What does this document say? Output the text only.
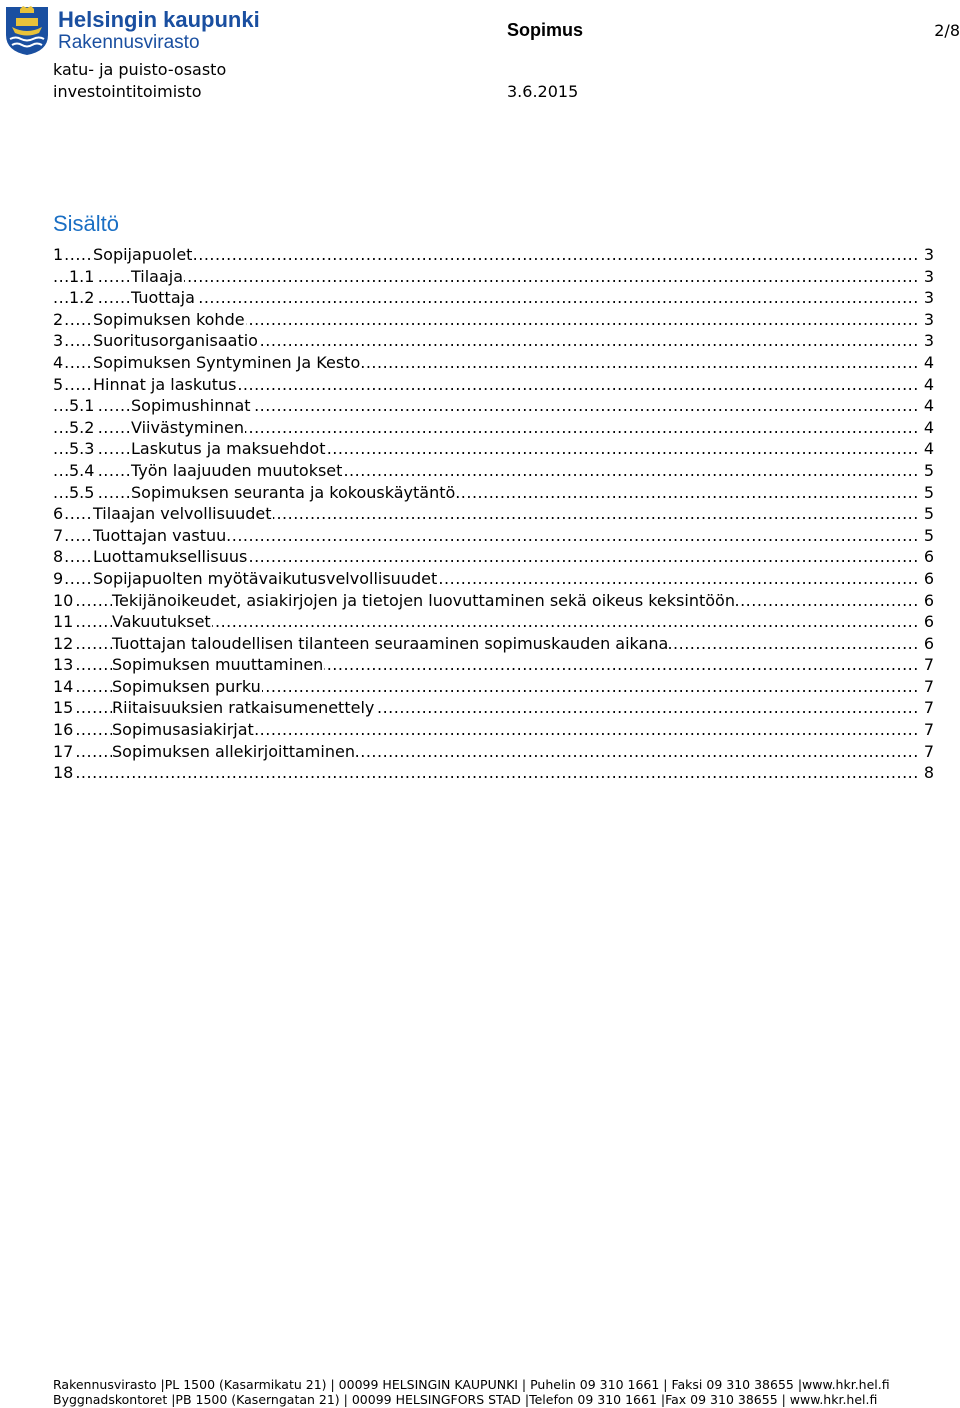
Helsingin kaupunki
Rakennusvirasto
katu- ja puisto-osasto
investointitoimisto
Sopimus	2/8
3.6.2015
Sisältö
1 Sopijapuolet	3
.....
1.1 Tilaaja	3
.....
1.2 Tuottaja	3
.....
2 Sopimuksen kohde	3
.....
3 Suoritusorganisaatio	3
.....
4 Sopimuksen Syntyminen Ja Kesto	4
.....
5 Hinnat ja laskutus	4
.....
5.1 Sopimushinnat	4
.....
5.2 Viivästyminen	4
.....
5.3 Laskutus ja maksuehdot	4
.....
5.4 Työn laajuuden muutokset	5
.....
5.5 Sopimuksen seuranta ja kokouskäytäntö	5
.....
6 Tilaajan velvollisuudet	5
.....
7 Tuottajan vastuu	5
.....
8 Luottamuksellisuus	6
.....
9 Sopijapuolten myötävaikutusvelvollisuudet	6
.....
10 Tekijänoikeudet, asiakirjojen ja tietojen luovuttaminen sekä oikeus keksintöön	6
.....
11 Vakuutukset	6
.....
12 Tuottajan taloudellisen tilanteen seuraaminen sopimuskauden aikana	6
.....
13 Sopimuksen muuttaminen	7
.....
14 Sopimuksen purku	7
.....
15 Riitaisuuksien ratkaisumenettely	7
.....
16 Sopimusasiakirjat	7
.....
17 Sopimuksen allekirjoittaminen	7
.....
18	8
.....
Rakennusvirasto |PL 1500 (Kasarmikatu 21) | 00099 HELSINGIN KAUPUNKI | Puhelin 09 310 1661 | Faksi 09 310 38655 |www.hkr.hel.fi
Byggnadskontoret |PB 1500 (Kaserngatan 21) | 00099 HELSINGFORS STAD |Telefon 09 310 1661 |Fax 09 310 38655 | www.hkr.hel.fi
